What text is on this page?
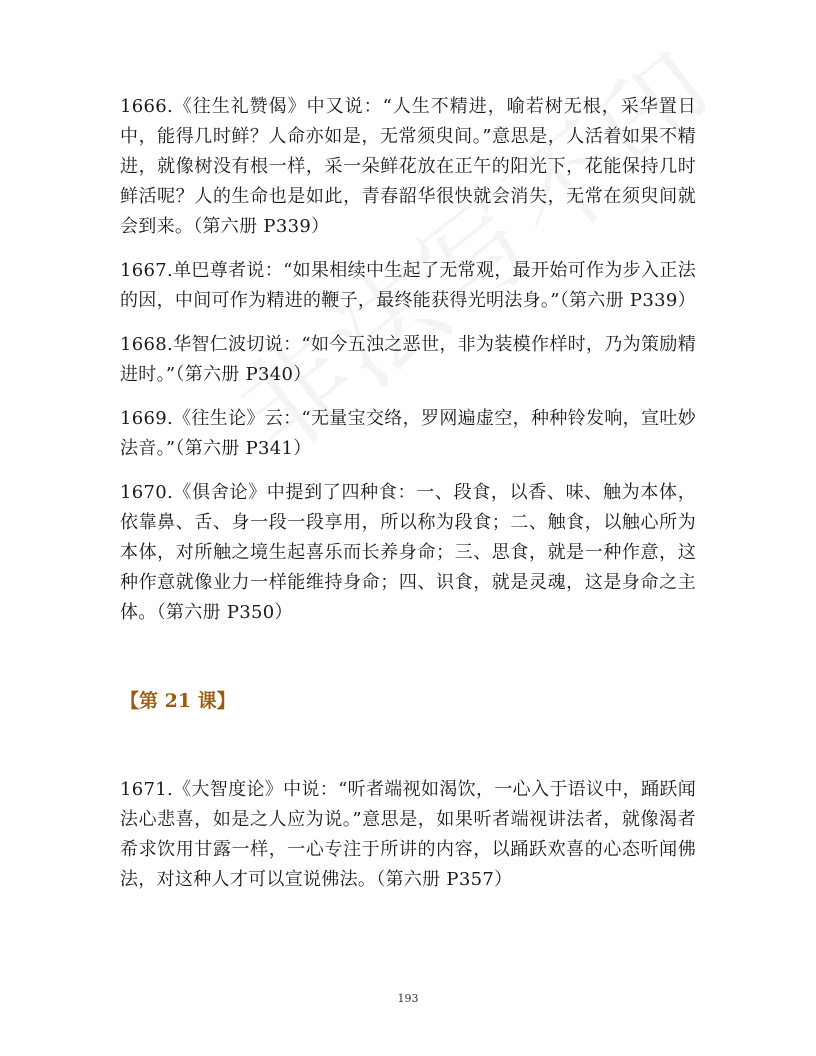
1666.《往生礼赞偈》中又说：“人生不精进，喻若树无根，采华置日中，能得几时鲜？人命亦如是，无常须臾间。”意思是，人活着如果不精进，就像树没有根一样，采一朵鲜花放在正午的阳光下，花能保持几时鲜活呢？人的生命也是如此，青春韶华很快就会消失，无常在须臾间就会到来。（第六册 P339）

1667.单巴尊者说：“如果相续中生起了无常观，最开始可作为步入正法的因，中间可作为精进的鞭子，最终能获得光明法身。”（第六册 P339）

1668.华智仁波切说：“如今五浊之恶世，非为装模作样时，乃为策励精进时。”（第六册 P340）

1669.《往生论》云：“无量宝交络，罗网遍虚空，种种铃发响，宣吐妙法音。”（第六册 P341）

1670.《俱舍论》中提到了四种食：一、段食，以香、味、触为本体，依靠鼻、舌、身一段一段享用，所以称为段食；二、触食，以触心所为本体，对所触之境生起喜乐而长养身命；三、思食，就是一种作意，这种作意就像业力一样能维持身命；四、识食，就是灵魂，这是身命之主体。（第六册 P350）

【第 21 课】

1671.《大智度论》中说：“听者端视如渴饮，一心入于语议中，踊跃闻法心悲喜，如是之人应为说。”意思是，如果听者端视讲法者，就像渴者希求饮用甘露一样，一心专注于所讲的内容，以踊跃欢喜的心态听闻佛法，对这种人才可以宣说佛法。（第六册 P357）

193
